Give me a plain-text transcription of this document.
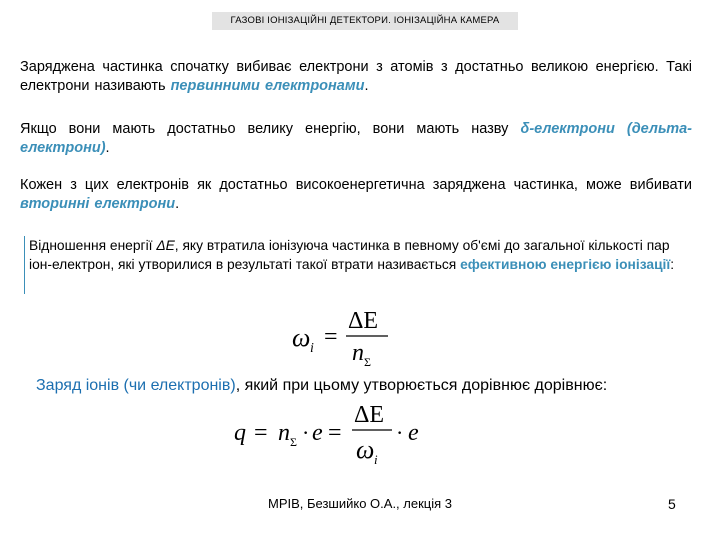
ГАЗОВІ ІОНІЗАЦІЙНІ ДЕТЕКТОРИ. ІОНІЗАЦІЙНА КАМЕРА
Заряджена частинка спочатку вибиває електрони з атомів з достатньо великою енергією. Такі електрони називають первинними електронами.
Якщо вони мають достатньо велику енергію, вони мають назву δ-електрони (дельта-електрони).
Кожен з цих електронів як достатньо високоенергетична заряджена частинка, може вибивати вторинні електрони.
Відношення енергії ΔE, яку втратила іонізуюча частинка в певному об'ємі до загальної кількості пар іон-електрон, які утворилися в результаті такої втрати називається ефективною енергією іонізації:
ω i =
ΔE
n Σ
Заряд іонів (чи електронів), який при цьому утворюється дорівнює дорівнює:
q = n Σ · e =
ΔE
ω i
· e
МРІВ, Безшийко О.А., лекція 3	5
